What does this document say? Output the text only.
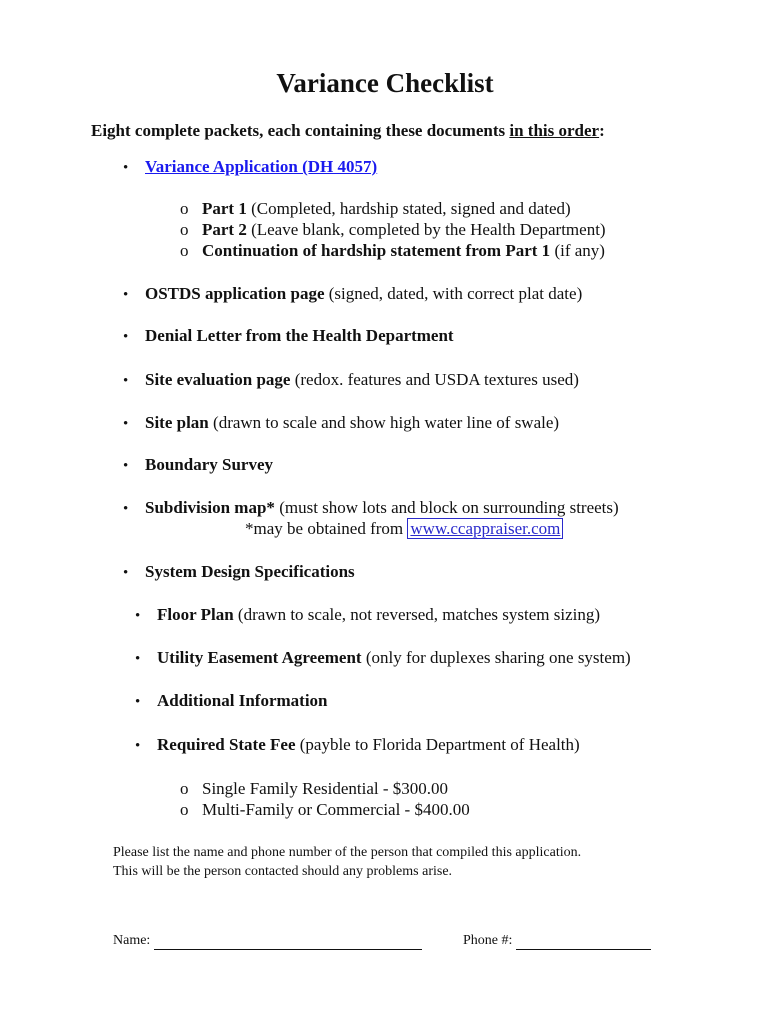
Variance Checklist
Eight complete packets, each containing these documents in this order:
• Variance Application (DH 4057)
o Part 1 (Completed, hardship stated, signed and dated)
o Part 2 (Leave blank, completed by the Health Department)
o Continuation of hardship statement from Part 1 (if any)
• OSTDS application page (signed, dated, with correct plat date)
• Denial Letter from the Health Department
• Site evaluation page (redox. features and USDA textures used)
• Site plan (drawn to scale and show high water line of swale)
• Boundary Survey
• Subdivision map* (must show lots and block on surrounding streets)
*may be obtained from www.ccappraiser.com
• System Design Specifications
• Floor Plan (drawn to scale, not reversed, matches system sizing)
• Utility Easement Agreement (only for duplexes sharing one system)
• Additional Information
• Required State Fee (payble to Florida Department of Health)
o Single Family Residential - $300.00
o Multi-Family or Commercial - $400.00
Please list the name and phone number of the person that compiled this application.
This will be the person contacted should any problems arise.
Name:	Phone #:
